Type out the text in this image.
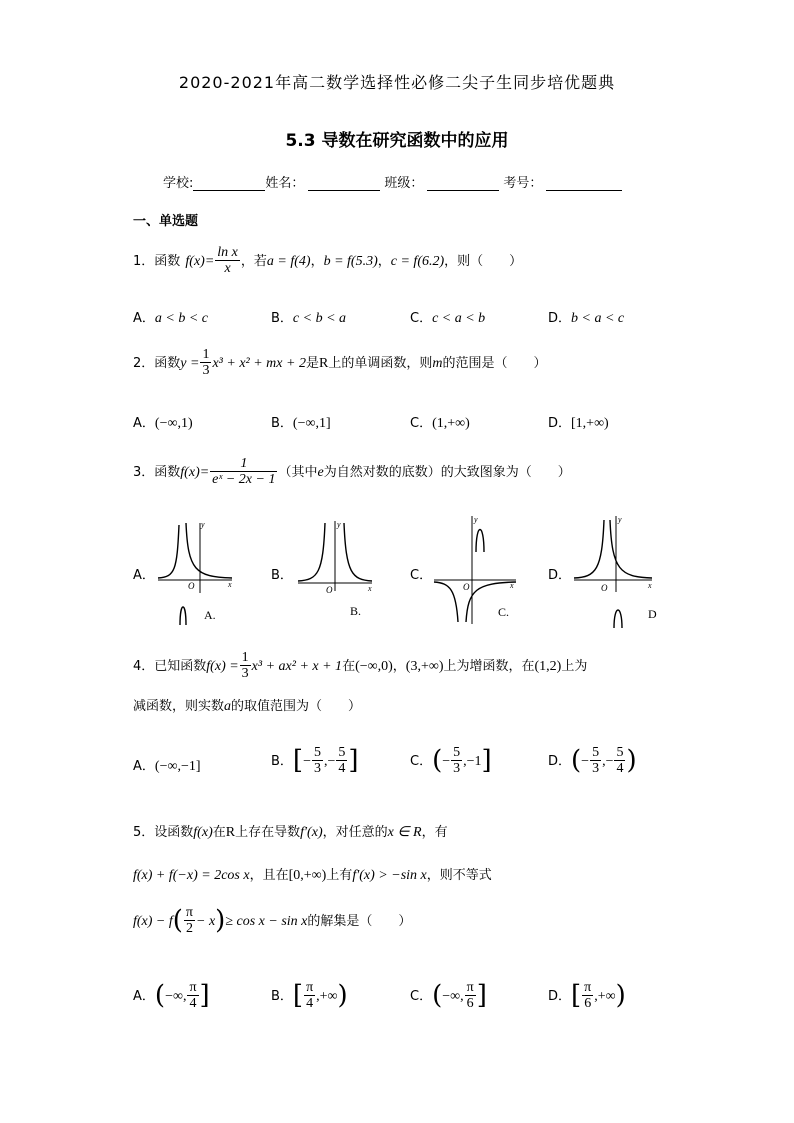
2020-2021年高二数学选择性必修二尖子生同步培优题典
5.3 导数在研究函数中的应用
学校:	姓名：	班级：	考号：
一、单选题
1．函数 $f(x)= \frac{\text{ln x}}{x}$ ，若a = f(4)，b = f(5.3)，c = f(6.2)，则（　　）
A．a < b < c	B．c < b < a	C．c < a < b	D．b < a < c
2．函数$y = \frac{1}{3} x^3 + x^2$ + mx + 2是R上的单调函数，则m的范围是（　　）
A．(−∞,1)	B．(−∞,1]	C．(1,+∞)	D．[1,+∞)
3．函数$f(x)= \frac{1}{\text{eˣ − 2x − 1}}$ （其中e为自然对数的底数）的大致图象为（　　）
A．
y
x
O
A.
B．
y
x
O
B.
C．
y
x
O
C.
D．
y
x
O
D
4．已知函数$f(x) = \frac{1}{3} x^3 + ax^2 + x + 1$在(−∞,0)，(3,+∞)上为增函数，在(1,2)上为
减函数，则实数a的取值范围为（　　）
A．(−∞,−1]	B．[− $\frac{5}{3}$ ,− $\frac{5}{4}$ ]	C．(− $\frac{5}{3} ,-1$]	D．(− $\frac{5}{3}$ ,− $\frac{5}{4}$ )
5．设函数f(x)在R上存在导数f′(x)，对任意的x ∈ R，有
f(x) + f(−x) = 2cos x，且在[0,+∞)上有f′(x) > −sin x，则不等式
$f(x) - f( \frac{\pi}{2} - x)\ge \cos x - \sin x$的解集是（　　）
A．(−∞, $\frac{\pi}{4}$ ]	B．[ $\frac{\pi}{4}$ ,+∞)	C．(−∞, $\frac{\pi}{6}$ ]	D．[ $\frac{\pi}{6}$ ,+∞)
